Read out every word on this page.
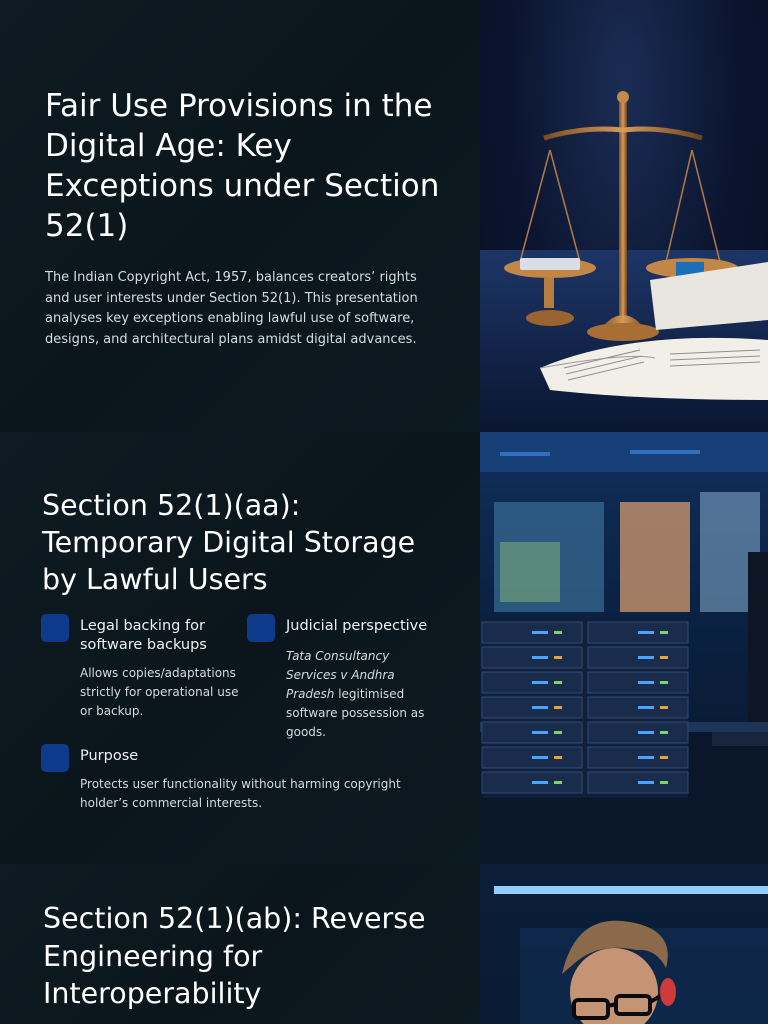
Fair Use Provisions in the Digital Age: Key Exceptions under Section 52(1)

The Indian Copyright Act, 1957, balances creators’ rights and user interests under Section 52(1). This presentation analyses key exceptions enabling lawful use of software, designs, and architectural plans amidst digital advances.

Section 52(1)(aa): Temporary Digital Storage by Lawful Users
Legal backing for software backups
Allows copies/adaptations strictly for operational use or backup.
Judicial perspective
Tata Consultancy Services v Andhra Pradesh legitimised software possession as goods.
Purpose
Protects user functionality without harming copyright holder’s commercial interests.
Section 52(1)(ab): Reverse Engineering for Interoperability
